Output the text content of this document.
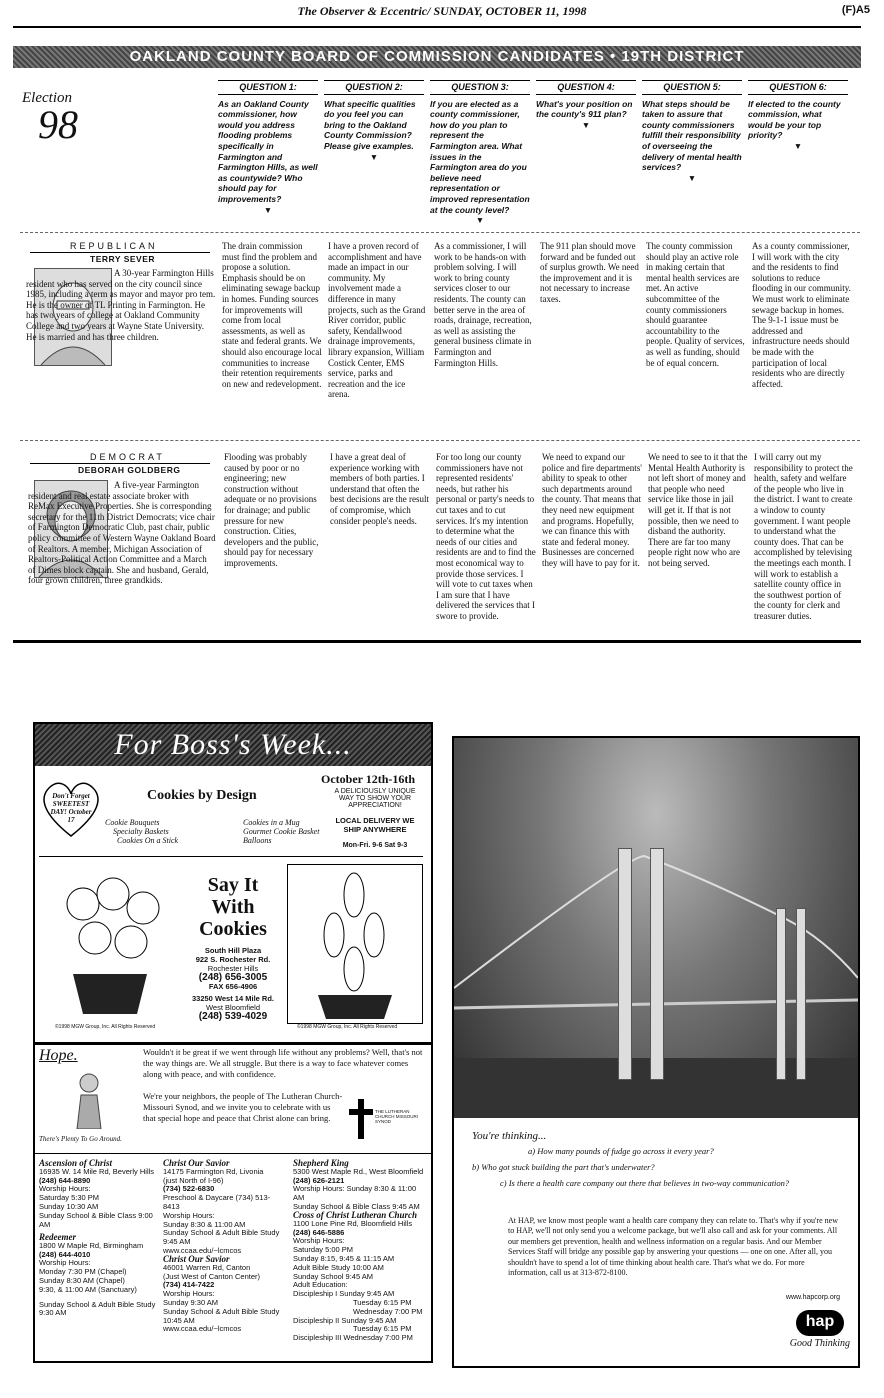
The Observer & Eccentric/ SUNDAY, OCTOBER 11, 1998	(F)A5
OAKLAND COUNTY BOARD OF COMMISSION CANDIDATES • 19TH DISTRICT
Election
98
QUESTION 1:
As an Oakland County commissioner, how would you address flooding problems specifically in Farmington and Farmington Hills, as well as countywide? Who should pay for improvements?
▼
QUESTION 2:
What specific qualities do you feel you can bring to the Oakland County Commission? Please give examples.
▼
QUESTION 3:
If you are elected as a county commissioner, how do you plan to represent the Farmington area. What issues in the Farmington area do you believe need representation or improved representation at the county level?
▼
QUESTION 4:
What's your position on the county's 911 plan?
▼
QUESTION 5:
What steps should be taken to assure that county commissioners fulfill their responsibility of overseeing the delivery of mental health services?
▼
QUESTION 6:
If elected to the county commission, what would be your top priority?
▼
REPUBLICAN
TERRY SEVER
A 30-year Farmington Hills resident who has served on the city council since 1985, including a term as mayor and mayor pro tem. He is the owner of TL Printing in Farmington. He has two years of college at Oakland Community College and two years at Wayne State University. He is married and has three children.
The drain commission must find the problem and propose a solution. Emphasis should be on eliminating sewage backup in homes. Funding sources for improvements will come from local assessments, as well as state and federal grants. We should also encourage local communities to increase their retention requirements on new and redevelopment.
I have a proven record of accomplishment and have made an impact in our community. My involvement made a difference in many projects, such as the Grand River corridor, public safety, Kendallwood drainage improvements, library expansion, William Costick Center, EMS service, parks and recreation and the ice arena.
As a commissioner, I will work to be hands-on with problem solving. I will work to bring county services closer to our residents. The county can better serve in the area of roads, drainage, recreation, as well as assisting the general business climate in Farmington and Farmington Hills.
The 911 plan should move forward and be funded out of surplus growth. We need the improvement and it is not necessary to increase taxes.
The county commission should play an active role in making certain that mental health services are met. An active subcommittee of the county commissioners should guarantee accountability to the people. Quality of services, as well as funding, should be of equal concern.
As a county commissioner, I will work with the city and the residents to find solutions to reduce flooding in our community. We must work to eliminate sewage backup in homes. The 9-1-1 issue must be addressed and infrastructure needs should be made with the participation of local residents who are directly affected.
DEMOCRAT
DEBORAH GOLDBERG
A five-year Farmington resident and real estate associate broker with ReMax Executive Properties. She is corresponding secretary for the 11th District Democrats; vice chair of Farmington Democratic Club, past chair, public policy committee of Western Wayne Oakland Board of Realtors. A member, Michigan Association of Realtors-Political Action Committee and a March of Dimes block captain. She and husband, Gerald, four grown children, three grandkids.
Flooding was probably caused by poor or no engineering; new construction without adequate or no provisions for drainage; and public pressure for new construction. Cities, developers and the public, should pay for necessary improvements.
I have a great deal of experience working with members of both parties. I understand that often the best decisions are the result of compromise, which consider people's needs.
For too long our county commissioners have not represented residents' needs, but rather his personal or party's needs to cut taxes and to cut services. It's my intention to determine what the needs of our cities and residents are and to find the most economical way to provide those services. I will vote to cut taxes when I am sure that I have delivered the services that I swore to provide.
We need to expand our police and fire departments' ability to speak to other such departments around the county. That means that they need new equipment and programs. Hopefully, we can finance this with state and federal money. Businesses are concerned they will have to pay for it.
We need to see to it that the Mental Health Authority is not left short of money and that people who need service like those in jail will get it. If that is not possible, then we need to disband the authority. There are far too many people right now who are not being served.
I will carry out my responsibility to protect the health, safety and welfare of the people who live in the district. I want to create a window to county government. I want people to understand what the county does. That can be accomplished by televising the meetings each month. I will work to establish a satellite county office in the southwest portion of the county for clerk and treasurer duties.
For Boss's Week...
Don't Forget SWEETEST DAY! October 17
Cookies by Design
October 12th-16th
A DELICIOUSLY UNIQUE WAY TO SHOW YOUR APPRECIATION!
LOCAL DELIVERY WE SHIP ANYWHERE
Mon-Fri. 9-6 Sat 9-3
Cookie Bouquets
Specialty Baskets
Cookies On a Stick
Cookies in a Mug
Gourmet Cookie Basket
Balloons
Say It With Cookies
South Hill Plaza
922 S. Rochester Rd.
Rochester Hills
(248) 656-3005
FAX 656-4906
33250 West 14 Mile Rd.
West Bloomfield
(248) 539-4029
©1998 MGW Group, Inc. All Rights Reserved	©1998 MGW Group, Inc. All Rights Reserved
Hope.
There's Plenty To Go Around.
Wouldn't it be great if we went through life without any problems? Well, that's not the way things are. We all struggle. But there is a way to face whatever comes along with peace, and with confidence.
We're your neighbors, the people of The Lutheran Church-Missouri Synod, and we invite you to celebrate with us that special hope and peace that Christ alone can bring.
THE LUTHERAN CHURCH MISSOURI SYNOD
Ascension of Christ
16935 W. 14 Mile Rd, Beverly Hills
(248) 644-8890
Worship Hours:
Saturday 5:30 PM
Sunday 10:30 AM
Sunday School & Bible Class 9:00 AM
Redeemer
1800 W Maple Rd, Birmingham
(248) 644-4010
Worship Hours:
Monday 7:30 PM (Chapel)
Sunday 8:30 AM (Chapel)
9:30, & 11:00 AM (Sanctuary)
Sunday School & Adult Bible Study 9:30 AM
Christ Our Savior
14175 Farmington Rd, Livonia
(just North of I-96)
(734) 522-6830
Preschool & Daycare (734) 513-8413
Worship Hours:
Sunday 8:30 & 11:00 AM
Sunday School & Adult Bible Study 9:45 AM
www.ccaa.edu/~lcmcos
Christ Our Savior
46001 Warren Rd, Canton
(Just West of Canton Center)
(734) 414-7422
Worship Hours:
Sunday 9:30 AM
Sunday School & Adult Bible Study 10:45 AM
www.ccaa.edu/~lcmcos
Shepherd King
5300 West Maple Rd., West Bloomfield
(248) 626-2121
Worship Hours: Sunday 8:30 & 11:00 AM
Sunday School & Bible Class 9:45 AM
Cross of Christ Lutheran Church
1100 Lone Pine Rd, Bloomfield Hills
(248) 646-5886
Worship Hours:
Saturday 5:00 PM
Sunday 8:15, 9:45 & 11:15 AM
Adult Bible Study 10:00 AM
Sunday School 9:45 AM
Adult Education:
Discipleship I Sunday 9:45 AM
Tuesday 6:15 PM
Wednesday 7:00 PM
Discipleship II Sunday 9:45 AM
Tuesday 6:15 PM
Discipleship III Wednesday 7:00 PM
You're thinking...
a) How many pounds of fudge go across it every year?
b) Who got stuck building the part that's underwater?
c) Is there a health care company out there that believes in two-way communication?
At HAP, we know most people want a health care company they can relate to. That's why if you're new to HAP, we'll not only send you a welcome package, but we'll also call and ask for your comments. All our members get prevention, health and wellness information on a regular basis. And our Member Services Staff will bridge any possible gap by answering your questions — one on one. After all, you shouldn't have to spend a lot of time thinking about health care. That's what we do. For more information, call us at 313-872-8100.
www.hapcorp.org
hap
Good Thinking
